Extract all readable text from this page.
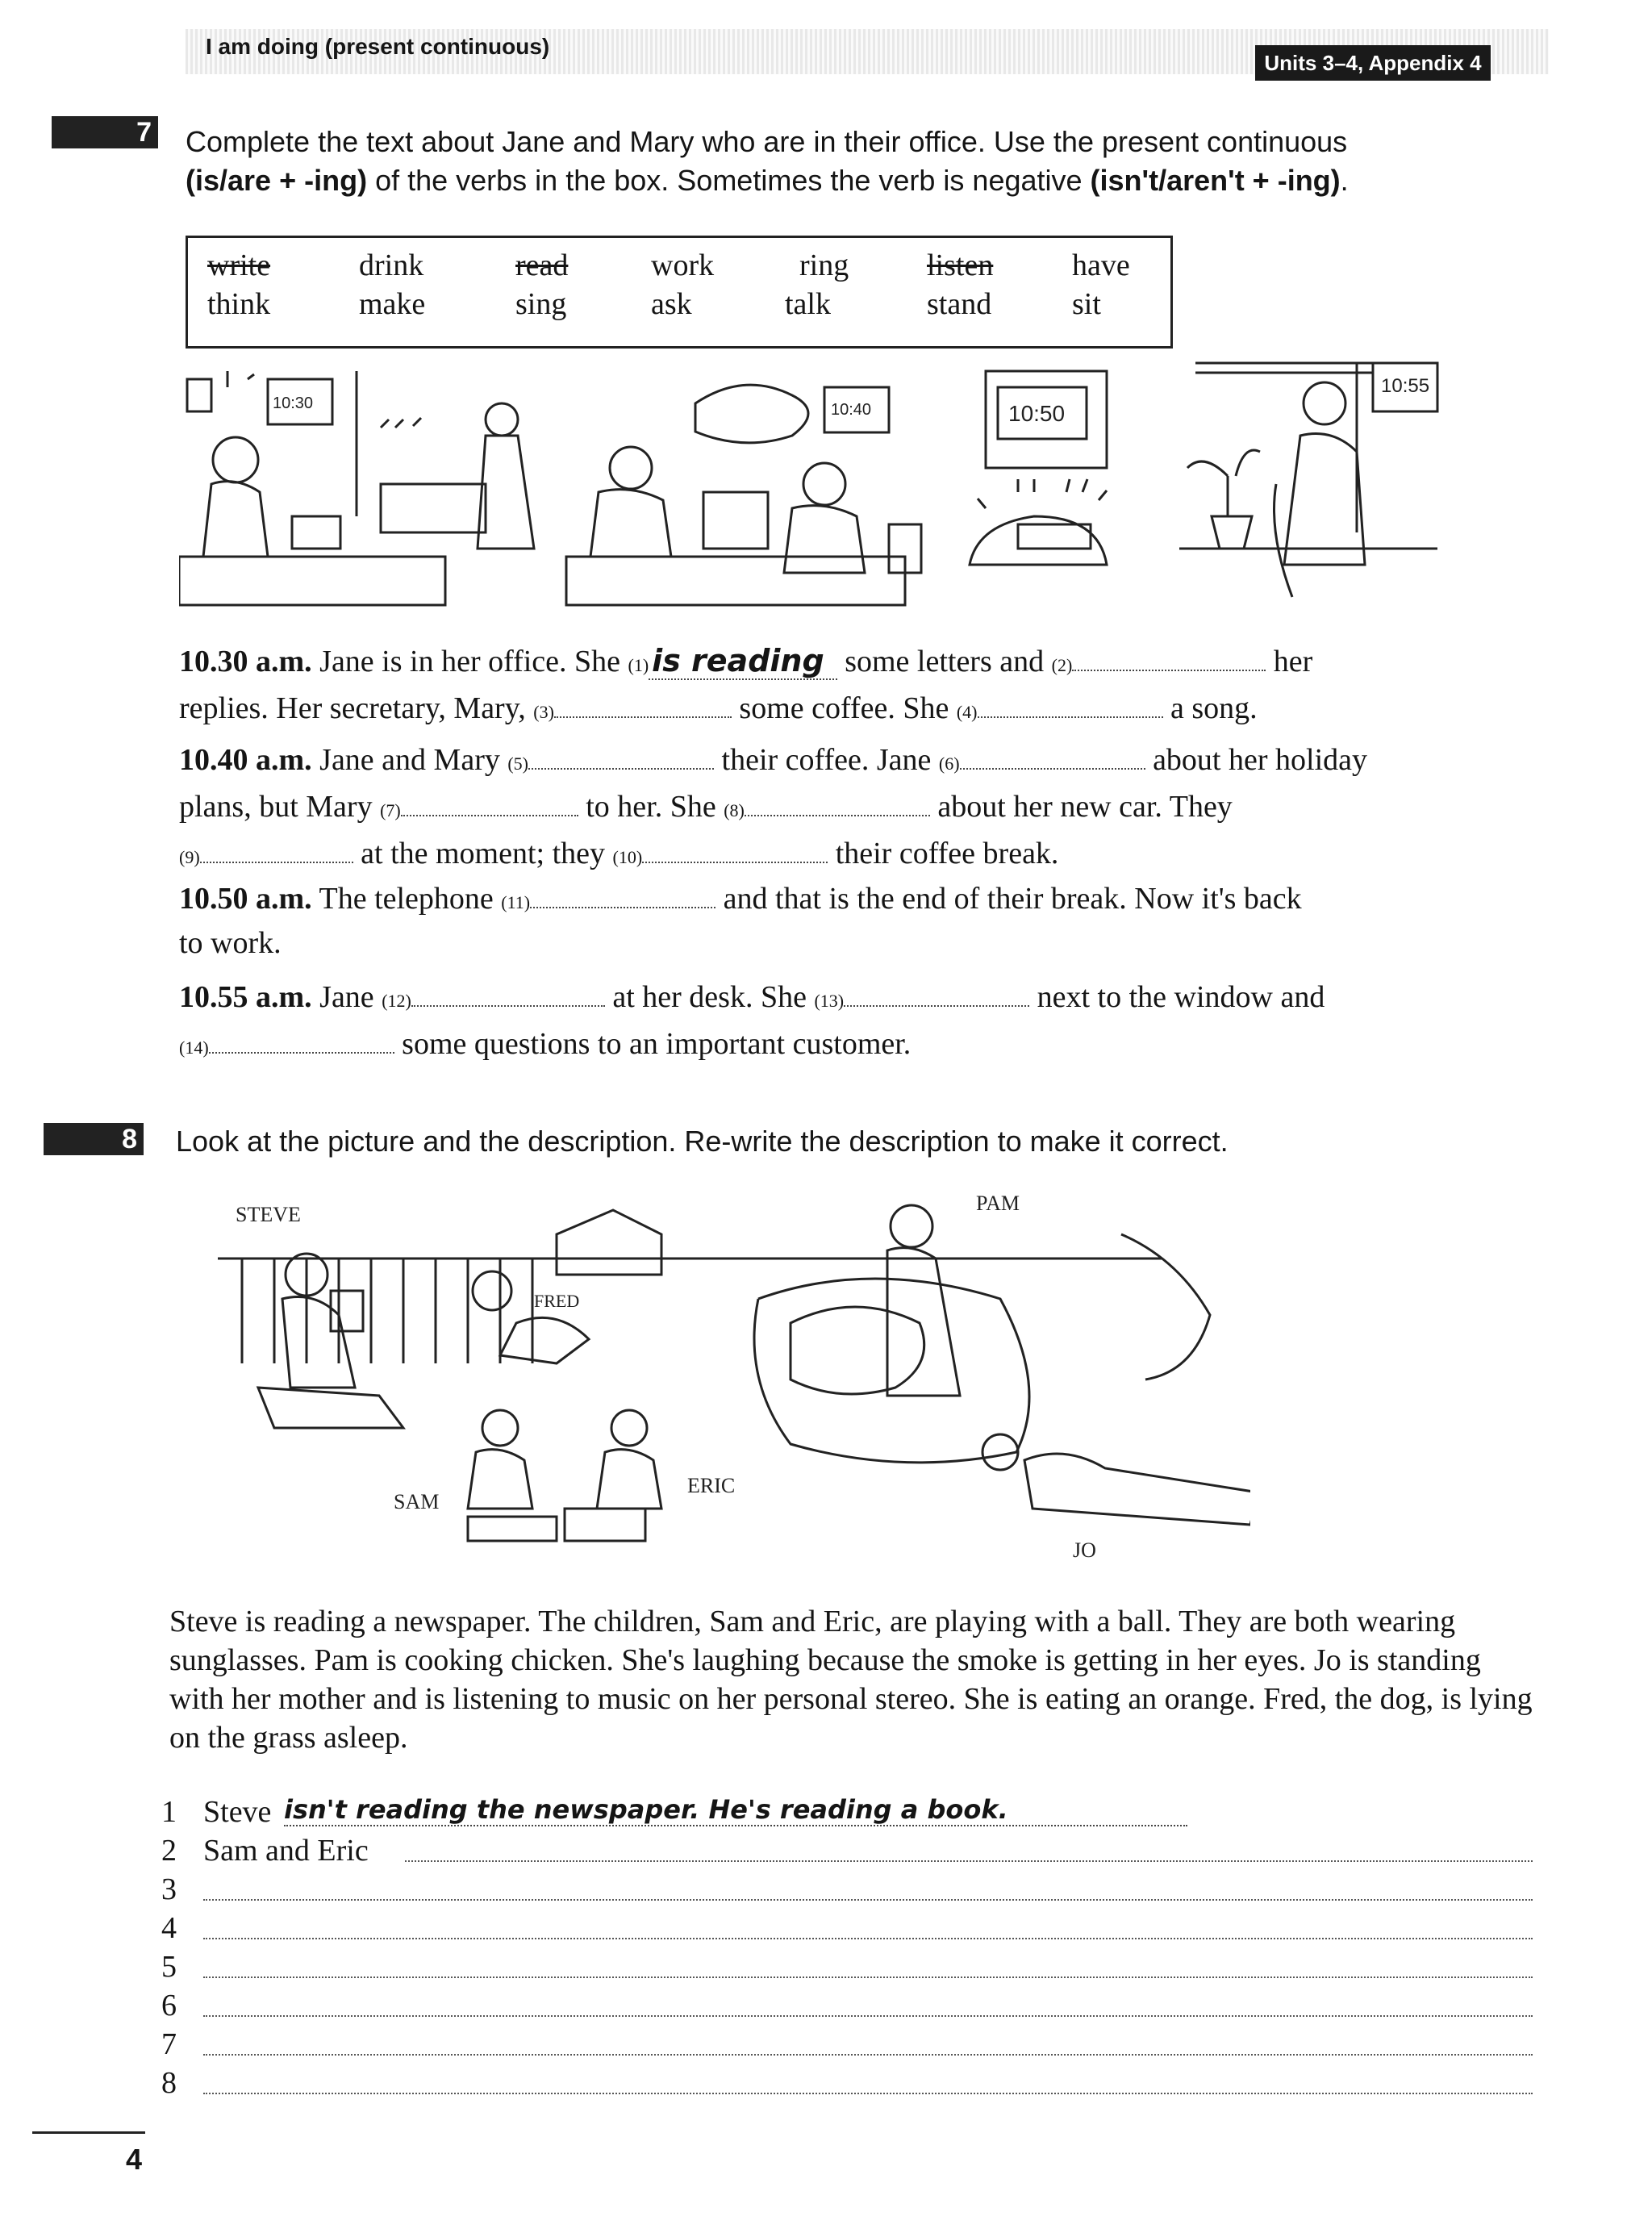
I am doing (present continuous)
Units 3–4, Appendix 4
7 Complete the text about Jane and Mary who are in their office. Use the present continuous
(is/are + -ing) of the verbs in the box. Sometimes the verb is negative (isn't/aren't + -ing).
write	drink	read	work	ring	listen	have
think	make	sing	ask	talk	stand	sit
10:30	10:40	10:50
10:55
10.30 a.m. Jane is in her office. She (1) is reading some letters and (2)	her
replies. Her secretary, Mary, (3)	some coffee. She (4)	a song.
10.40 a.m. Jane and Mary (5)	their coffee. Jane (6)	about her holiday
plans, but Mary (7)	to her. She (8)	about her new car. They
(9)	at the moment; they (10)	their coffee break.
10.50 a.m. The telephone (11)	and that is the end of their break. Now it's back
to work.
10.55 a.m. Jane (12)	at her desk. She (13)	next to the window and
(14)	some questions to an important customer.
8 Look at the picture and the description. Re-write the description to make it correct.
STEVE
FRED
PAM
SAM
ERIC
JO
Steve is reading a newspaper. The children, Sam and Eric, are playing with a ball. They are both wearing sunglasses. Pam is cooking chicken. She's laughing because the smoke is getting in her eyes. Jo is standing with her mother and is listening to music on her personal stereo. She is eating an orange. Fred, the dog, is lying on the grass asleep.
1 Steve isn't reading the newspaper. He's reading a book.
2 Sam and Eric
3
4
5
6
7
8
4
